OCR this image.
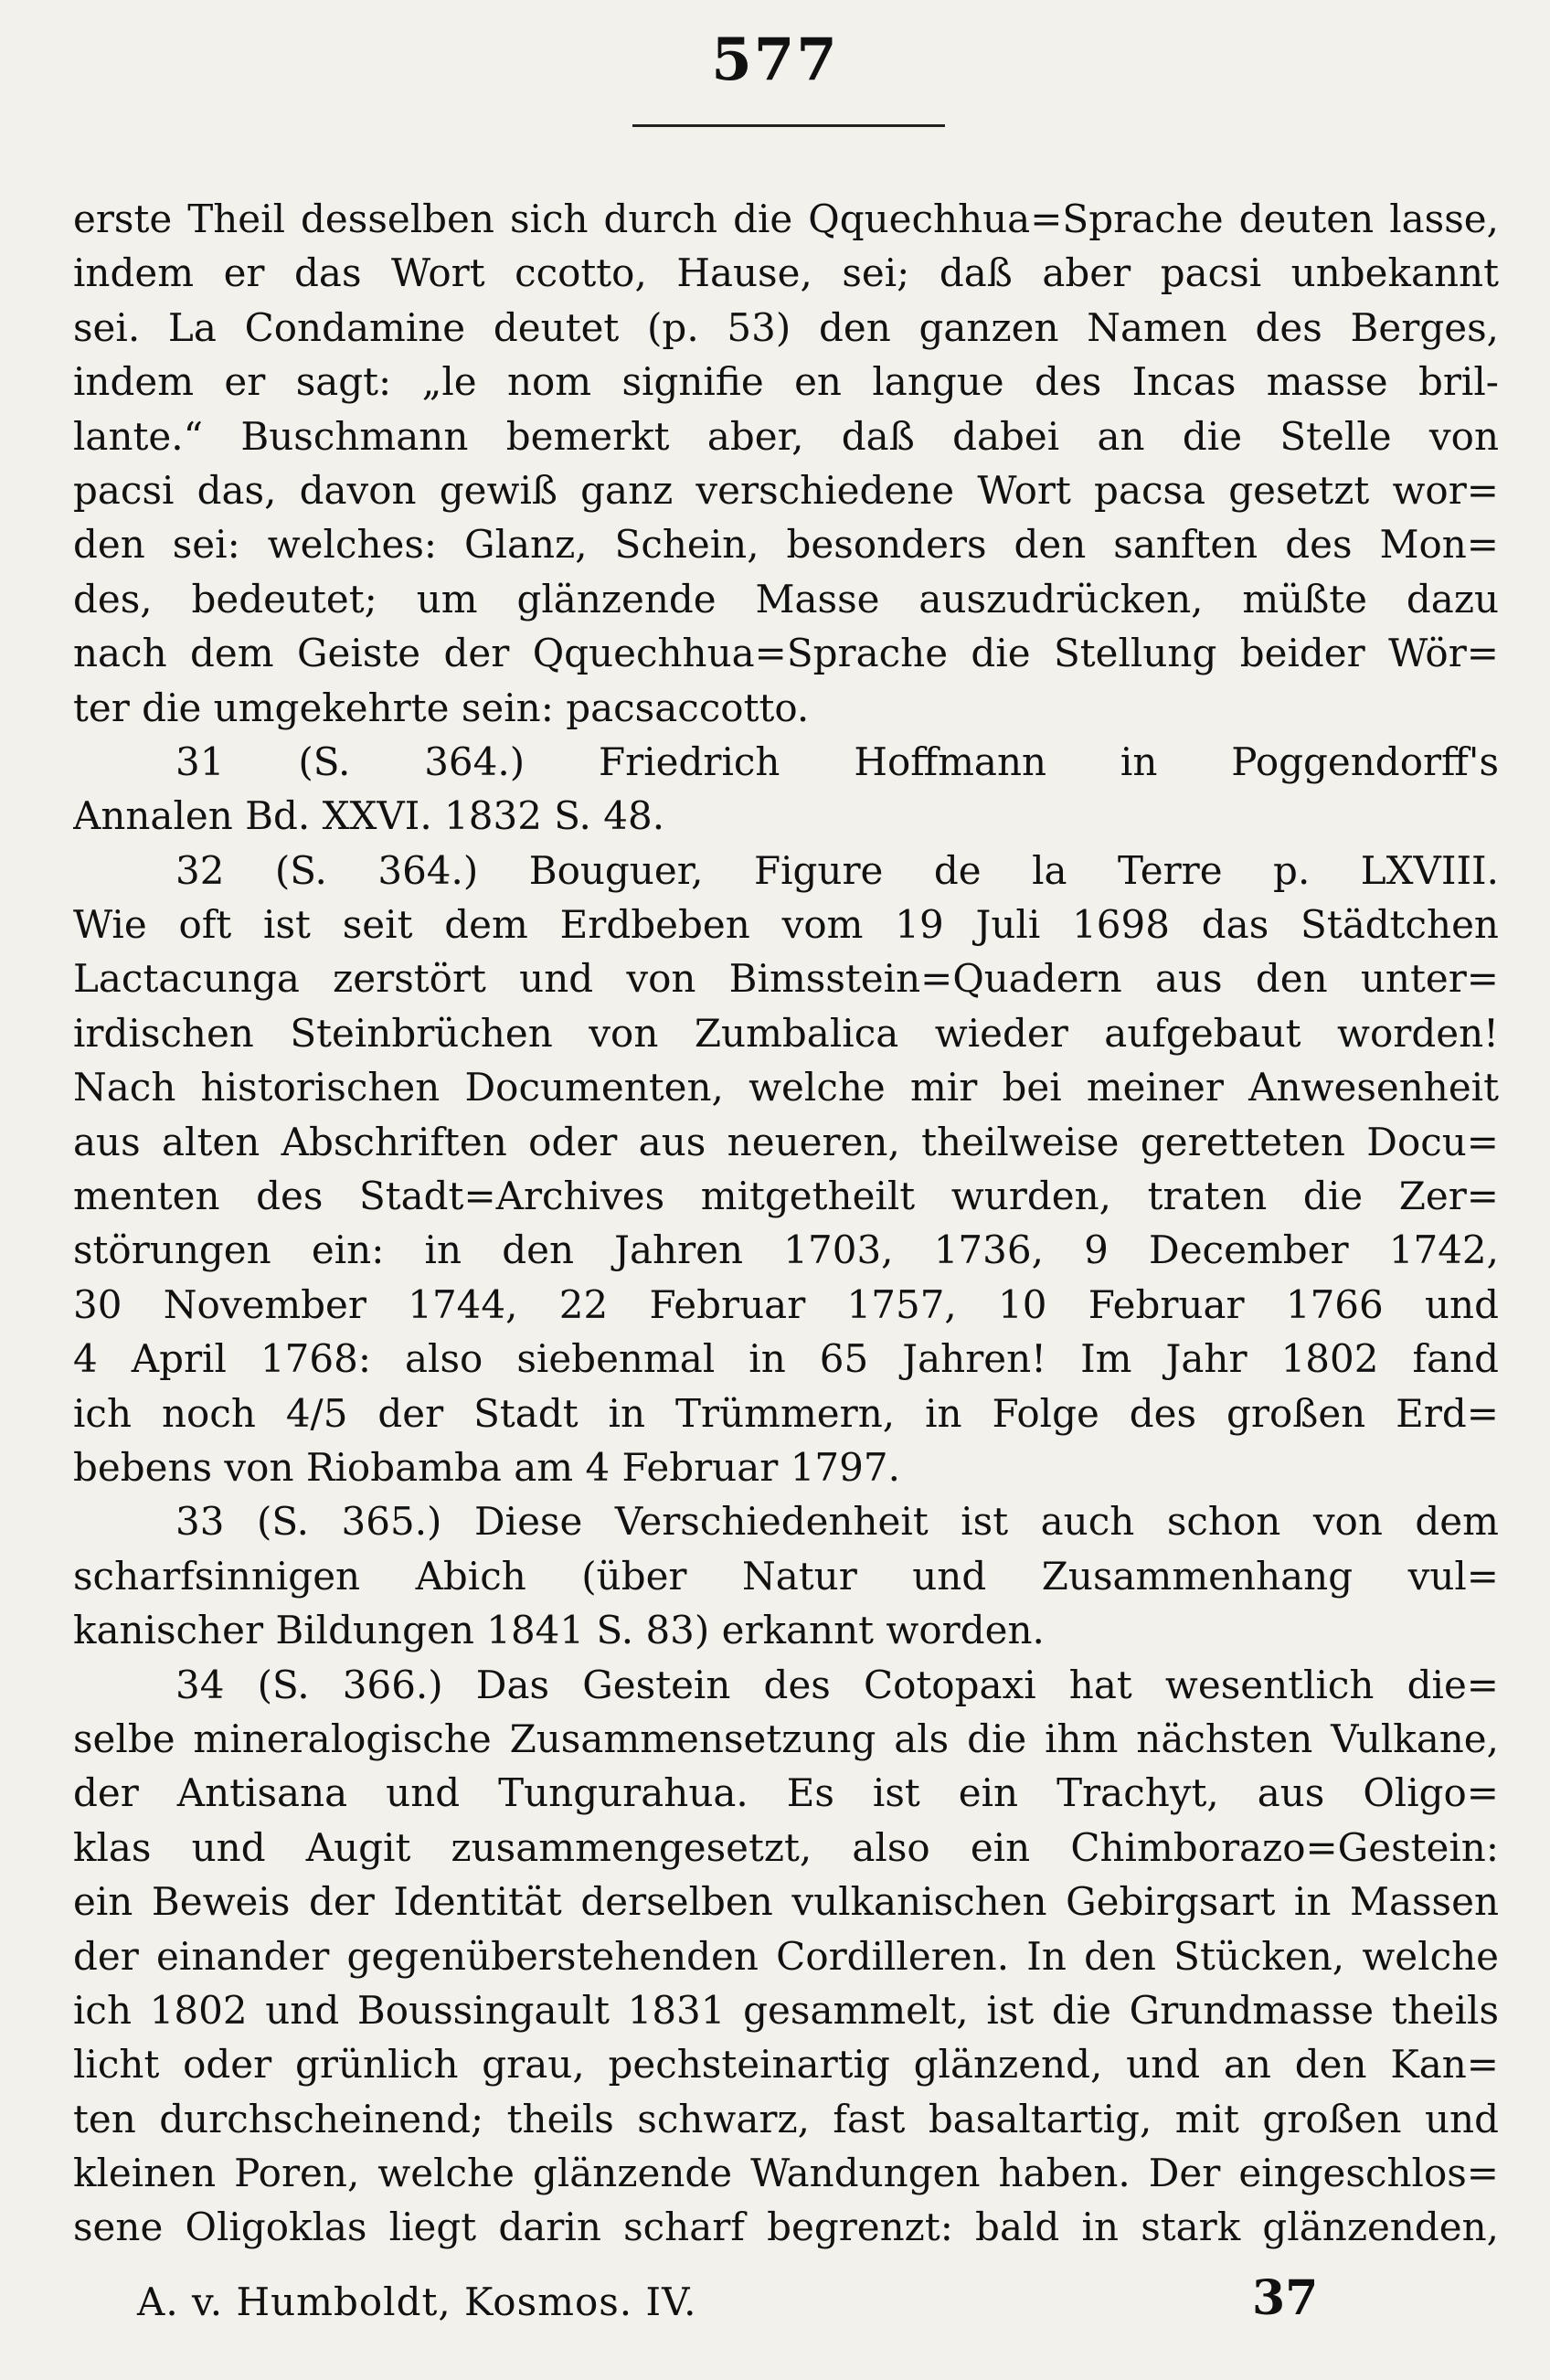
577
erste Theil desselben sich durch die Qquechhua=Sprache deuten lasse,
indem er das Wort ccotto, Hause, sei; daß aber pacsi unbekannt
sei. La Condamine deutet (p. 53) den ganzen Namen des Berges,
indem er sagt: „le nom signifie en langue des Incas masse bril-
lante.“ Buschmann bemerkt aber, daß dabei an die Stelle von
pacsi das, davon gewiß ganz verschiedene Wort pacsa gesetzt wor=
den sei: welches: Glanz, Schein, besonders den sanften des Mon=
des, bedeutet; um glänzende Masse auszudrücken, müßte dazu
nach dem Geiste der Qquechhua=Sprache die Stellung beider Wör=
ter die umgekehrte sein: pacsaccotto.
31 (S. 364.) Friedrich Hoffmann in Poggendorff's
Annalen Bd. XXVI. 1832 S. 48.
32 (S. 364.) Bouguer, Figure de la Terre p. LXVIII.
Wie oft ist seit dem Erdbeben vom 19 Juli 1698 das Städtchen
Lactacunga zerstört und von Bimsstein=Quadern aus den unter=
irdischen Steinbrüchen von Zumbalica wieder aufgebaut worden!
Nach historischen Documenten, welche mir bei meiner Anwesenheit
aus alten Abschriften oder aus neueren, theilweise geretteten Docu=
menten des Stadt=Archives mitgetheilt wurden, traten die Zer=
störungen ein: in den Jahren 1703, 1736, 9 December 1742,
30 November 1744, 22 Februar 1757, 10 Februar 1766 und
4 April 1768: also siebenmal in 65 Jahren! Im Jahr 1802 fand
ich noch 4/5 der Stadt in Trümmern, in Folge des großen Erd=
bebens von Riobamba am 4 Februar 1797.
33 (S. 365.) Diese Verschiedenheit ist auch schon von dem
scharfsinnigen Abich (über Natur und Zusammenhang vul=
kanischer Bildungen 1841 S. 83) erkannt worden.
34 (S. 366.) Das Gestein des Cotopaxi hat wesentlich die=
selbe mineralogische Zusammensetzung als die ihm nächsten Vulkane,
der Antisana und Tungurahua. Es ist ein Trachyt, aus Oligo=
klas und Augit zusammengesetzt, also ein Chimborazo=Gestein:
ein Beweis der Identität derselben vulkanischen Gebirgsart in Massen
der einander gegenüberstehenden Cordilleren. In den Stücken, welche
ich 1802 und Boussingault 1831 gesammelt, ist die Grundmasse theils
licht oder grünlich grau, pechsteinartig glänzend, und an den Kan=
ten durchscheinend; theils schwarz, fast basaltartig, mit großen und
kleinen Poren, welche glänzende Wandungen haben. Der eingeschlos=
sene Oligoklas liegt darin scharf begrenzt: bald in stark glänzenden,
A. v. Humboldt, Kosmos. IV.	37
